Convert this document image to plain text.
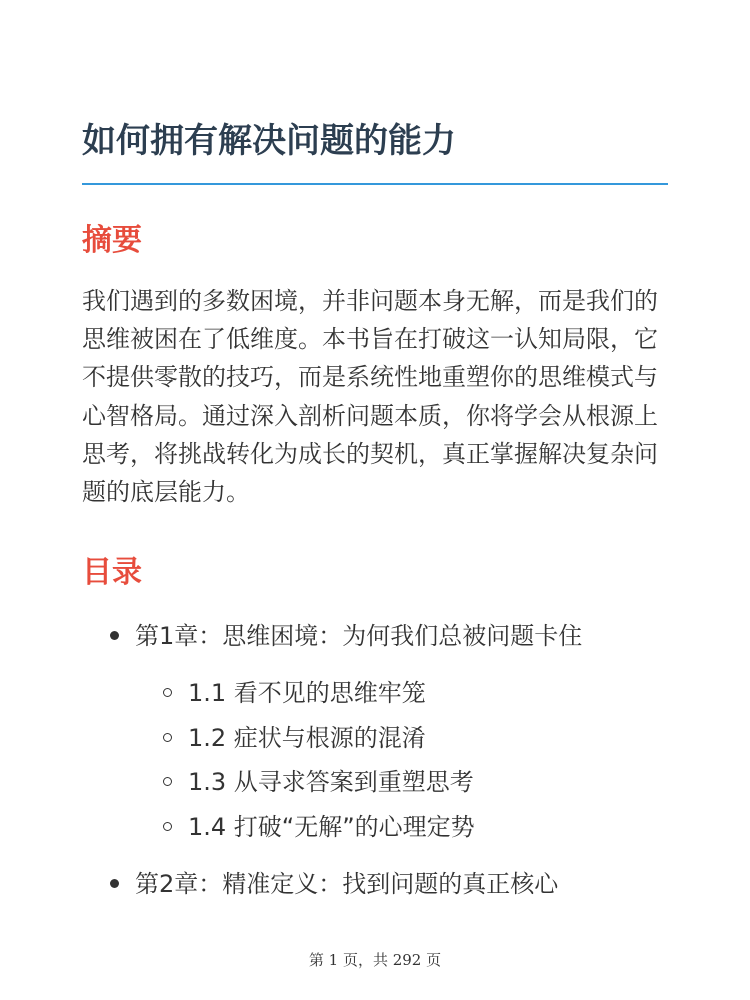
如何拥有解决问题的能力
摘要

我们遇到的多数困境，并非问题本身无解，而是我们的思维被困在了低维度。本书旨在打破这一认知局限，它不提供零散的技巧，而是系统性地重塑你的思维模式与心智格局。通过深入剖析问题本质，你将学会从根源上思考，将挑战转化为成长的契机，真正掌握解决复杂问题的底层能力。

目录
第1章：思维困境：为何我们总被问题卡住
1.1 看不见的思维牢笼
1.2 症状与根源的混淆
1.3 从寻求答案到重塑思考
1.4 打破“无解”的心理定势
第2章：精准定义：找到问题的真正核心
第 1 页，共 292 页
